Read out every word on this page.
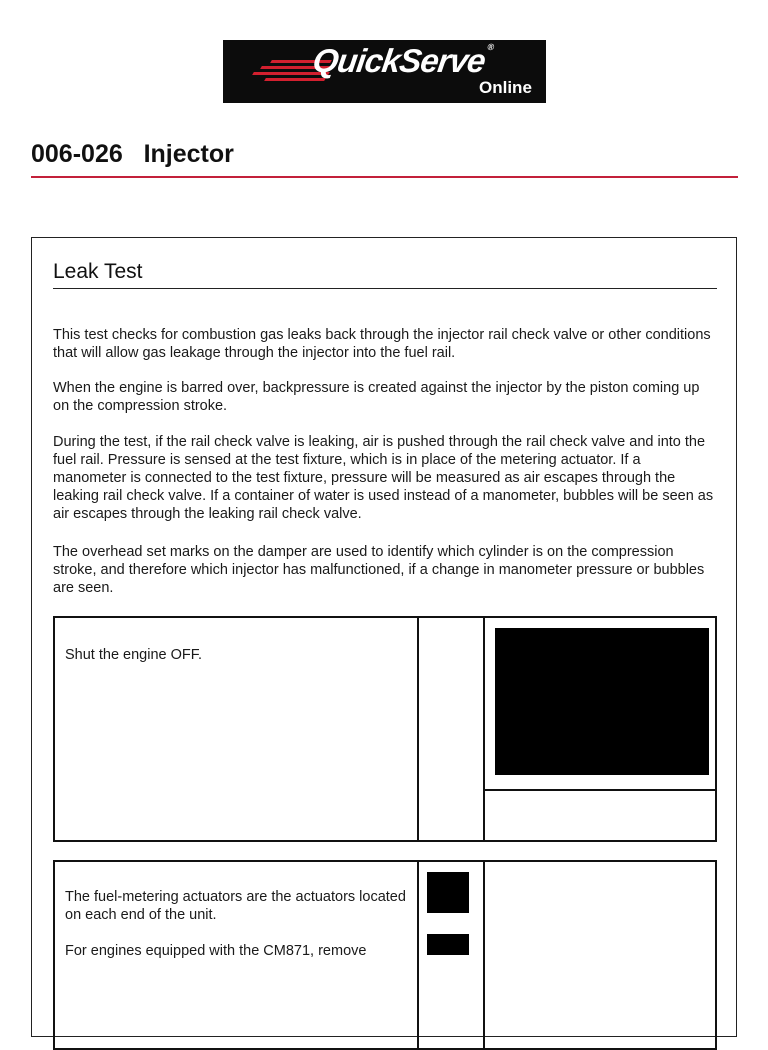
QuickServe®
Online
006-026   Injector
Leak Test

This test checks for combustion gas leaks back through the injector rail check valve or other conditions that will allow gas leakage through the injector into the fuel rail.

When the engine is barred over, backpressure is created against the injector by the piston coming up on the compression stroke.

During the test, if the rail check valve is leaking, air is pushed through the rail check valve and into the fuel rail. Pressure is sensed at the test fixture, which is in place of the metering actuator. If a manometer is connected to the test fixture, pressure will be measured as air escapes through the leaking rail check valve. If a container of water is used instead of a manometer, bubbles will be seen as air escapes through the leaking rail check valve.

The overhead set marks on the damper are used to identify which cylinder is on the compression stroke, and therefore which injector has malfunctioned, if a change in manometer pressure or bubbles are seen.

Shut the engine OFF.

The fuel-metering actuators are the actuators located on each end of the unit.

For engines equipped with the CM871, remove
